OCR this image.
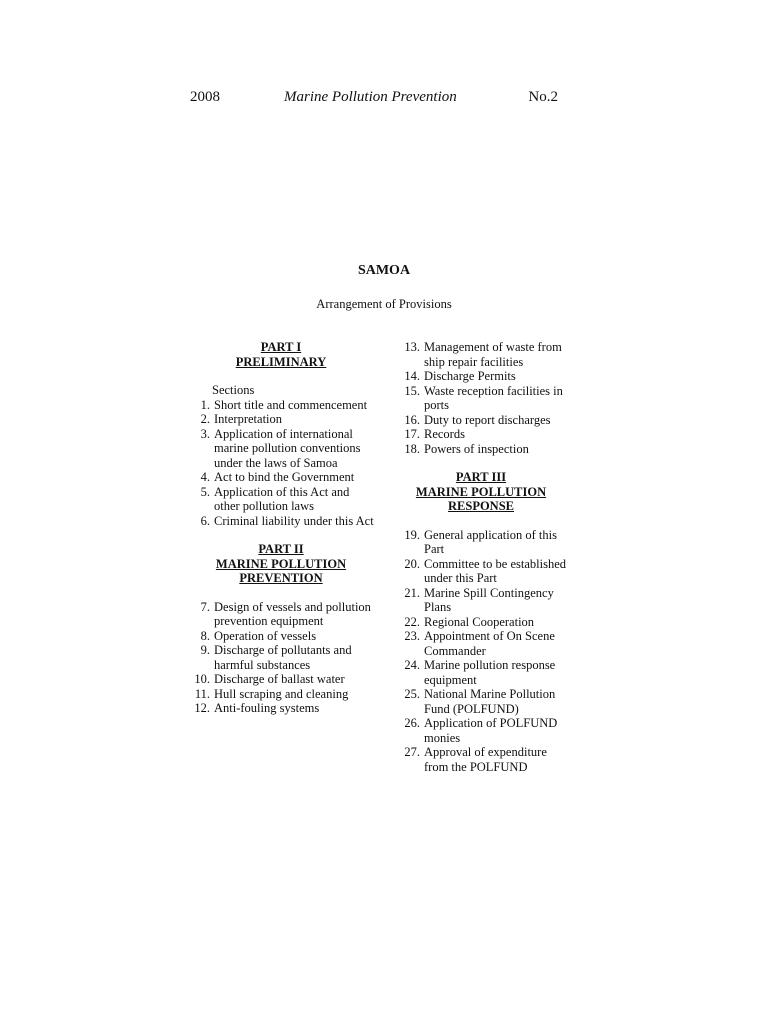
2008	Marine Pollution Prevention	No.2
SAMOA
Arrangement of Provisions

PART I

PRELIMINARY

Sections

1. Short title and commencement
2. Interpretation
3. Application of international marine pollution conventions under the laws of Samoa
4. Act to bind the Government
5. Application of this Act and other pollution laws
6. Criminal liability under this Act

PART II

MARINE POLLUTION

PREVENTION

7. Design of vessels and pollution prevention equipment
8. Operation of vessels
9. Discharge of pollutants and harmful substances
10. Discharge of ballast water
11. Hull scraping and cleaning
12. Anti-fouling systems
13. Management of waste from ship repair facilities
14. Discharge Permits
15. Waste reception facilities in ports
16. Duty to report discharges
17. Records
18. Powers of inspection

PART III

MARINE POLLUTION

RESPONSE

19. General application of this Part
20. Committee to be established under this Part
21. Marine Spill Contingency Plans
22. Regional Cooperation
23. Appointment of On Scene Commander
24. Marine pollution response equipment
25. National Marine Pollution Fund (POLFUND)
26. Application of POLFUND monies
27. Approval of expenditure from the POLFUND
